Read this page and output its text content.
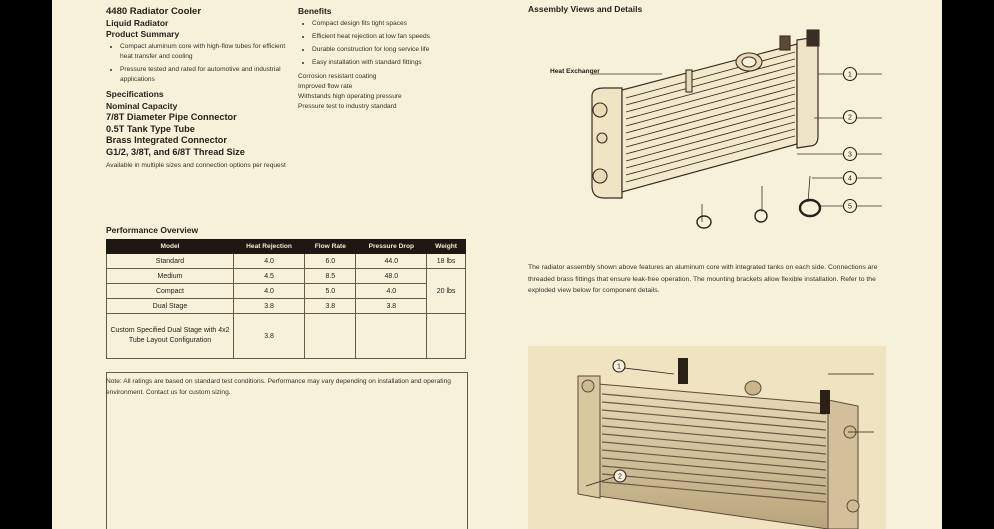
4480 Radiator Cooler

Liquid Radiator

Product Summary

• Compact aluminum core with high-flow tubes for efficient heat transfer and cooling
• Pressure tested and rated for automotive and industrial applications

Specifications

Nominal Capacity

7/8T Diameter Pipe Connector

0.5T Tank Type Tube

Brass Integrated Connector

G1/2, 3/8T, and 6/8T Thread Size

Available in multiple sizes and connection options per request

Benefits

• Compact design fits tight spaces
• Efficient heat rejection at low fan speeds
• Durable construction for long service life
• Easy installation with standard fittings

Corrosion resistant coating

Improved flow rate

Withstands high operating pressure

Pressure test to industry standard

Performance Overview
Model	Heat Rejection	Flow Rate	Pressure Drop	Weight
Standard	4.0	6.0	44.0	18 lbs
Medium	4.5	8.5	48.0	20 lbs
Compact	4.0	5.0	4.0	
Dual Stage	3.8	3.8	3.8	
Custom Specified Dual Stage with 4x2 Tube Layout Configuration	3.8			
Note: All ratings are based on standard test conditions. Performance may vary depending on installation and operating environment. Contact us for custom sizing.
Assembly Views and Details
Heat Exchanger	1
2
3
4
5
The radiator assembly shown above features an aluminum core with integrated tanks on each side. Connections are threaded brass fittings that ensure leak-free operation. The mounting brackets allow flexible installation. Refer to the exploded view below for component details.
1
2
